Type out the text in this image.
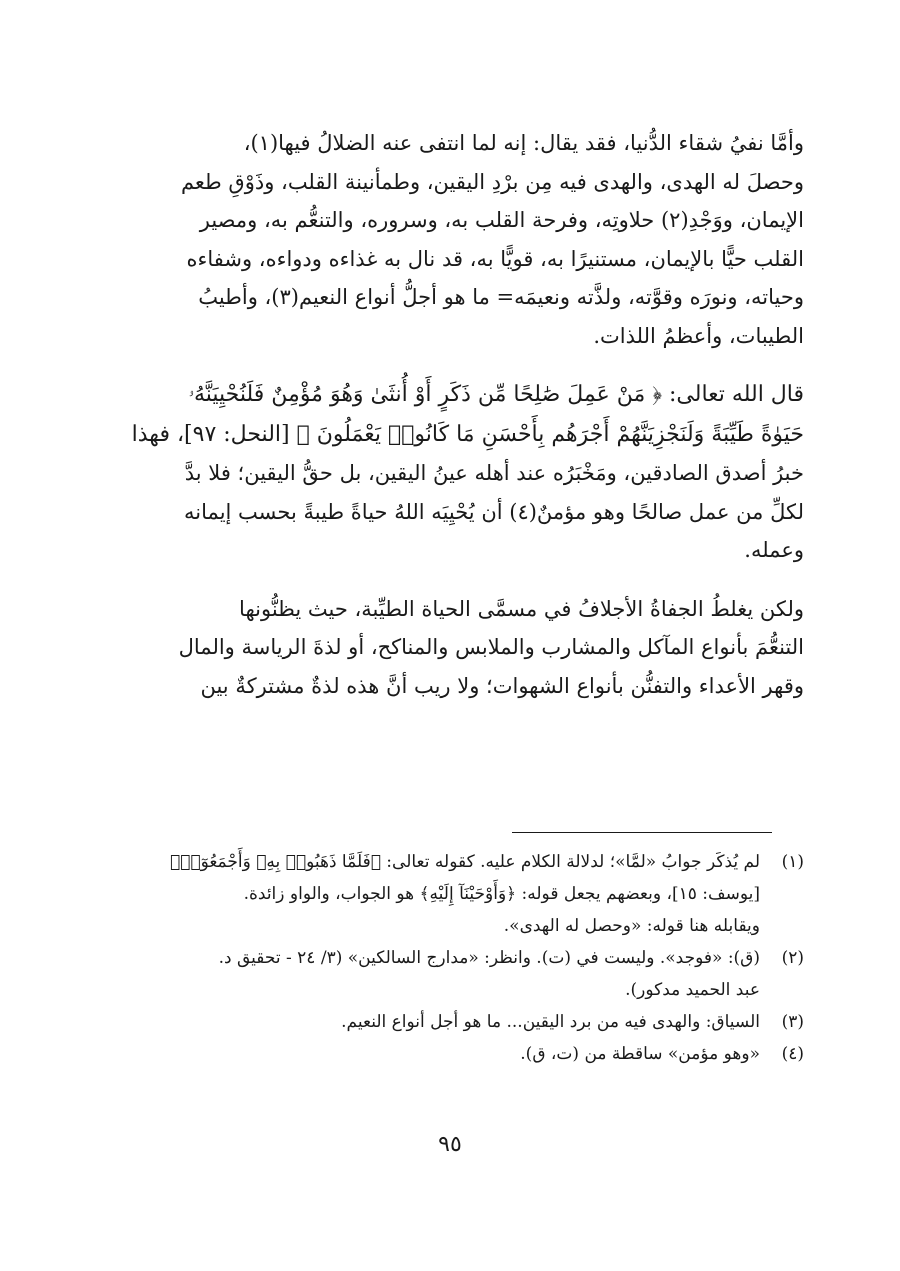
وأمَّا نفيُ شقاء الدُّنيا، فقد يقال: إنه لما انتفى عنه الضلالُ فيها(١)،
وحصلَ له الهدى، والهدى فيه مِن برْدِ اليقين، وطمأنينة القلب، وذَوْقِ طعم
الإيمان، ووَجْدِ(٢) حلاوتِه، وفرحة القلب به، وسروره، والتنعُّم به، ومصير
القلب حيًّا بالإيمان، مستنيرًا به، قويًّا به، قد نال به غذاءه ودواءه، وشفاءه
وحياته، ونورَه وقوَّته، ولذَّته ونعيمَه= ما هو أجلُّ أنواع النعيم(٣)، وأطيبُ
الطيبات، وأعظمُ اللذات.

قال الله تعالى: ﴿ مَنْ عَمِلَ صَٰلِحًا مِّن ذَكَرٍ أَوْ أُنثَىٰ وَهُوَ مُؤْمِنٌ فَلَنُحْيِيَنَّهُۥ
حَيَوٰةً طَيِّبَةً وَلَنَجْزِيَنَّهُمْ أَجْرَهُم بِأَحْسَنِ مَا كَانُوا۟ يَعْمَلُونَ ﴾ [النحل: ٩٧]، فهذا
خبرُ أصدق الصادقين، ومَخْبَرُه عند أهله عينُ اليقين، بل حقُّ اليقين؛ فلا بدَّ
لكلِّ من عمل صالحًا وهو مؤمنٌ(٤) أن يُحْيِيَه اللهُ حياةً طيبةً بحسب إيمانه
وعمله.

ولكن يغلطُ الجفاةُ الأجلافُ في مسمَّى الحياة الطيِّبة، حيث يظنُّونها
التنعُّمَ بأنواع المآكل والمشارب والملابس والمناكح، أو لذةَ الرياسة والمال
وقهر الأعداء والتفنُّن بأنواع الشهوات؛ ولا ريب أنَّ هذه لذةٌ مشتركةٌ بين

(١)
لم يُذكَر جوابُ «لمَّا»؛ لدلالة الكلام عليه. كقوله تعالى: ﴿فَلَمَّا ذَهَبُوا۟ بِهِۦ وَأَجْمَعُوٓا۟﴾
[يوسف: ١٥]، وبعضهم يجعل قوله: ﴿وَأَوْحَيْنَآ إِلَيْهِ﴾ هو الجواب، والواو زائدة.
ويقابله هنا قوله: «وحصل له الهدى».
(٢)
(ق): «فوجد». وليست في (ت). وانظر: «مدارج السالكين» (٣/ ٢٤ - تحقيق د.
عبد الحميد مدكور).
(٣)
السياق: والهدى فيه من برد اليقين... ما هو أجل أنواع النعيم.
(٤)
«وهو مؤمن» ساقطة من (ت، ق).
٩٥
